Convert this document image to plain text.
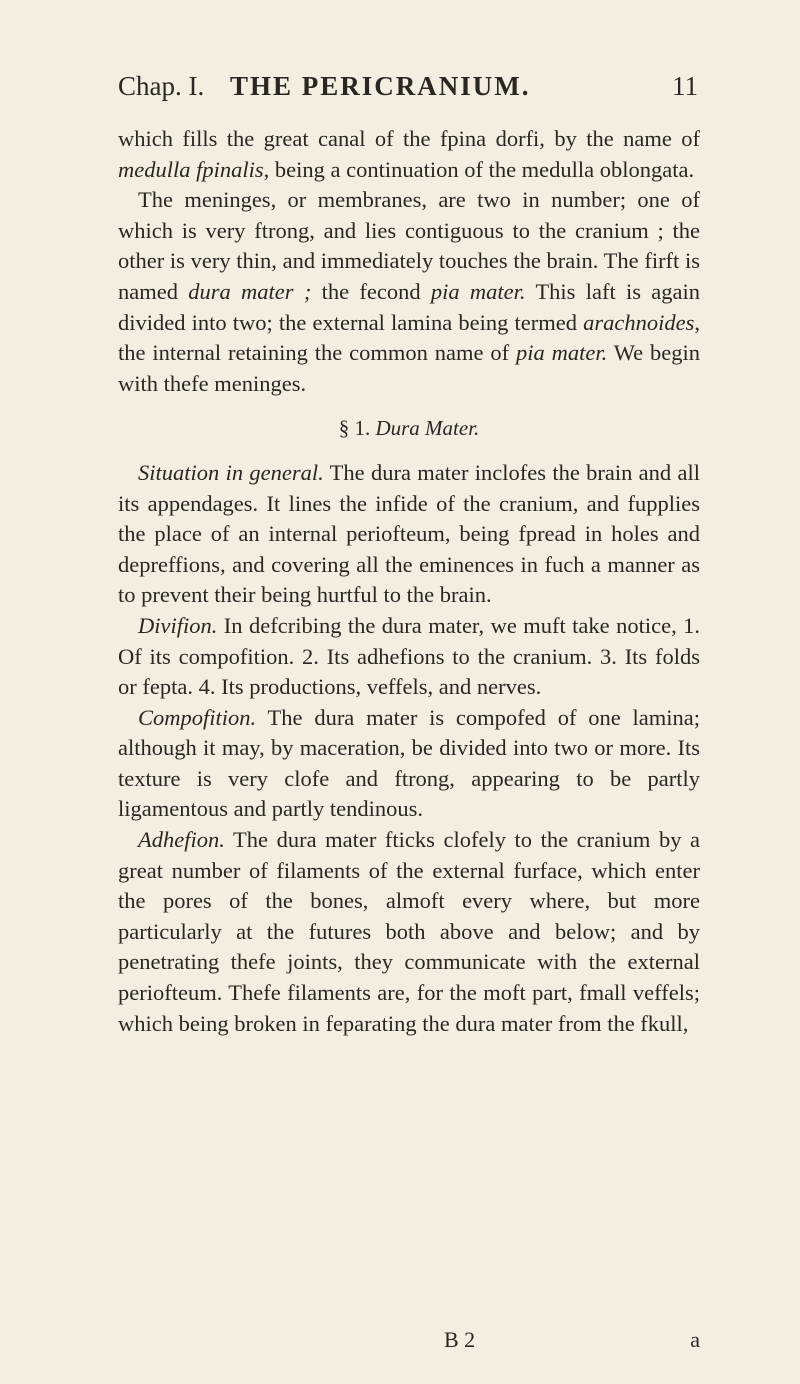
Chap. I. THE PERICRANIUM.	11

which fills the great canal of the fpina dorfi, by the name of medulla fpinalis, being a continuation of the medulla oblongata.

The meninges, or membranes, are two in number; one of which is very ftrong, and lies contiguous to the cranium ; the other is very thin, and immediately touches the brain. The firft is named dura mater ; the fecond pia mater. This laft is again divided into two; the external lamina being termed arachnoides, the internal retaining the common name of pia mater. We begin with thefe meninges.

§ 1. Dura Mater.

Situation in general. The dura mater inclofes the brain and all its appendages. It lines the infide of the cranium, and fupplies the place of an internal periofteum, being fpread in holes and depreffions, and covering all the eminences in fuch a manner as to prevent their being hurtful to the brain.

Divifion. In defcribing the dura mater, we muft take notice, 1. Of its compofition. 2. Its adhefions to the cranium. 3. Its folds or fepta. 4. Its productions, veffels, and nerves.

Compofition. The dura mater is compofed of one lamina; although it may, by maceration, be divided into two or more. Its texture is very clofe and ftrong, appearing to be partly ligamentous and partly tendinous.

Adhefion. The dura mater fticks clofely to the cranium by a great number of filaments of the external furface, which enter the pores of the bones, almoft every where, but more particularly at the futures both above and below; and by penetrating thefe joints, they communicate with the external periofteum. Thefe filaments are, for the moft part, fmall veffels; which being broken in feparating the dura mater from the fkull,

B 2	a
